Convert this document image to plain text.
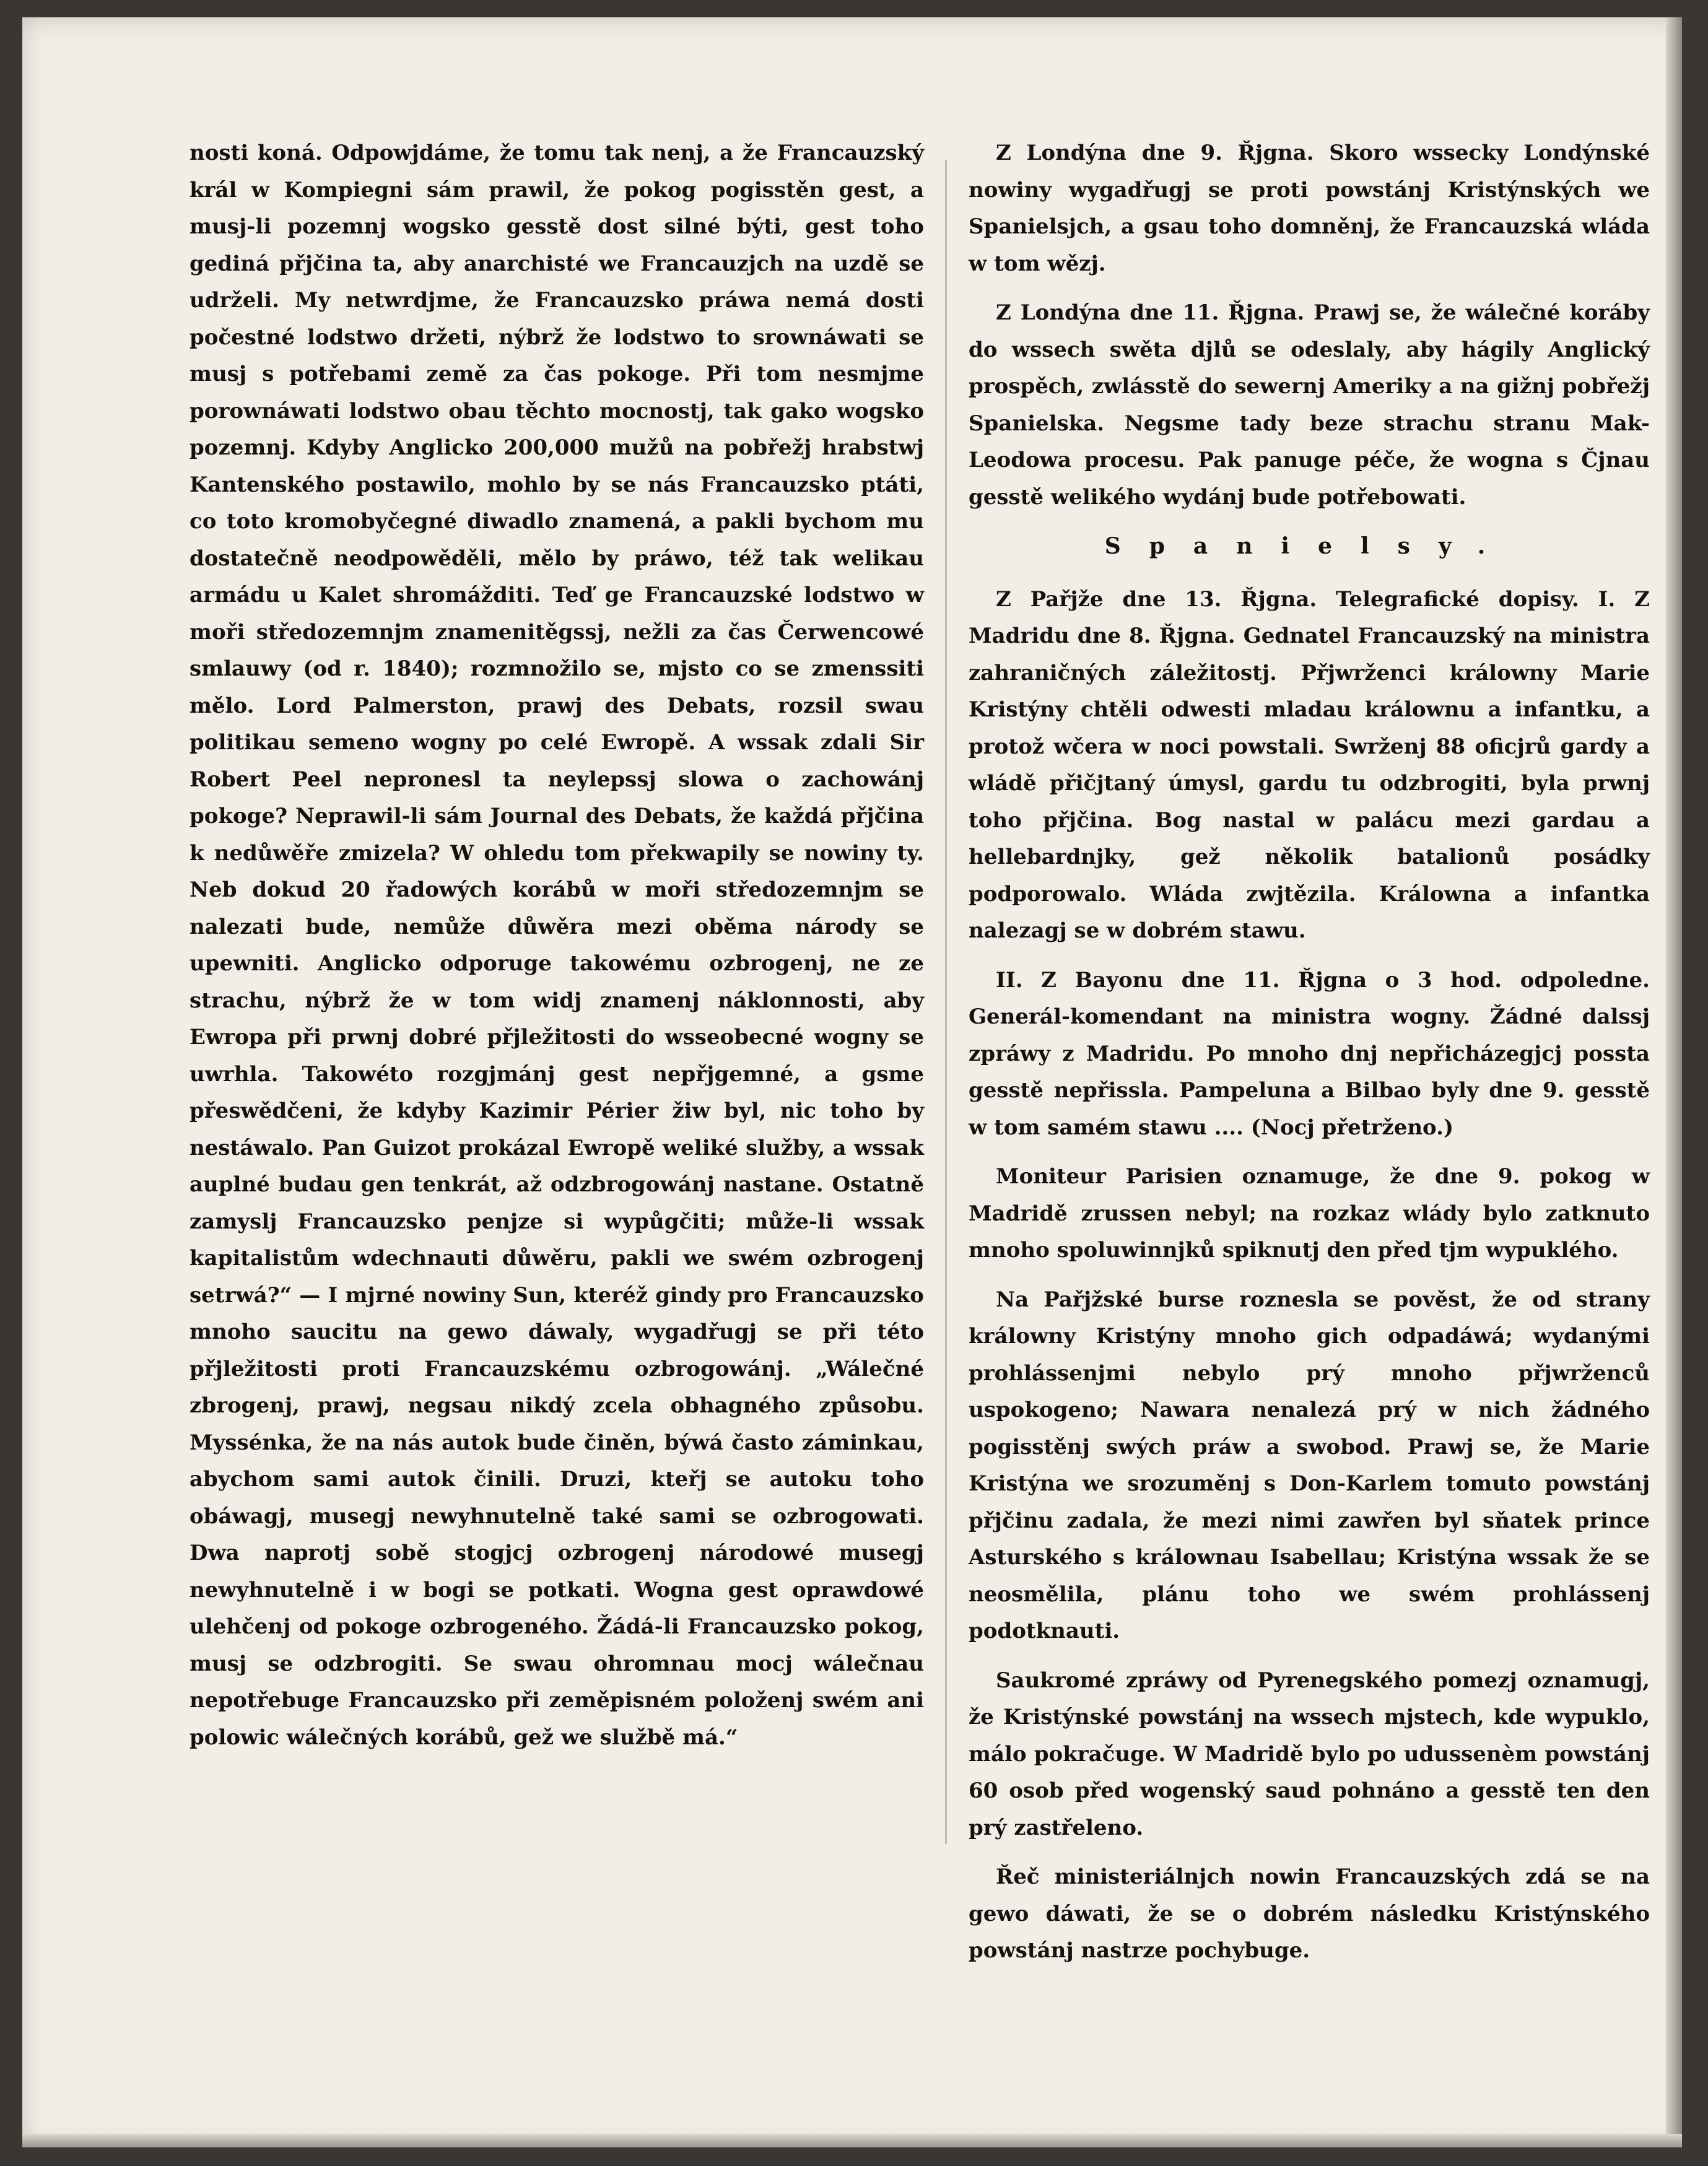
nosti koná. Odpowjdáme, že tomu tak nenj, a že Francauzský král w Kompiegni sám prawil, že pokog pogisstěn gest, a musj-li pozemnj wogsko gesstě dost silné býti, gest toho gediná přjčina ta, aby anarchisté we Francauzjch na uzdě se udrželi. My netwrdjme, že Francauzsko práwa nemá dosti počestné lodstwo držeti, nýbrž že lodstwo to srownáwati se musj s potřebami země za čas pokoge. Při tom nesmjme porownáwati lodstwo obau těchto mocnostj, tak gako wogsko pozemnj. Kdyby Anglicko 200,000 mužů na pobřežj hrabstwj Kantenského postawilo, mohlo by se nás Francauzsko ptáti, co toto kromobyčegné diwadlo znamená, a pakli bychom mu dostatečně neodpowěděli, mělo by práwo, též tak welikau armádu u Kalet shromážditi. Teď ge Francauzské lodstwo w moři středozemnjm znamenitěgssj, nežli za čas Čerwencowé smlauwy (od r. 1840); rozmnožilo se, mjsto co se zmenssiti mělo. Lord Palmerston, prawj des Debats, rozsil swau politikau semeno wogny po celé Ewropě. A wssak zdali Sir Robert Peel nepronesl ta neylepssj slowa o zachowánj pokoge? Neprawil-li sám Journal des Debats, že každá přjčina k nedůwěře zmizela? W ohledu tom překwapily se nowiny ty. Neb dokud 20 řadowých korábů w moři středozemnjm se nalezati bude, nemůže důwěra mezi oběma národy se upewniti. Anglicko odporuge takowému ozbrogenj, ne ze strachu, nýbrž že w tom widj znamenj náklonnosti, aby Ewropa při prwnj dobré přjležitosti do wsseobecné wogny se uwrhla. Takowéto rozgjmánj gest nepřjgemné, a gsme přeswědčeni, že kdyby Kazimir Périer žiw byl, nic toho by nestáwalo. Pan Guizot prokázal Ewropě weliké služby, a wssak auplné budau gen tenkrát, až odzbrogowánj nastane. Ostatně zamyslj Francauzsko penjze si wypůgčiti; může-li wssak kapitalistům wdechnauti důwěru, pakli we swém ozbrogenj setrwá?“ — I mjrné nowiny Sun, kteréž gindy pro Francauzsko mnoho saucitu na gewo dáwaly, wygadřugj se při této přjležitosti proti Francauzskému ozbrogowánj. „Wálečné zbrogenj, prawj, negsau nikdý zcela obhagného způsobu. Myssénka, že na nás autok bude činěn, býwá často záminkau, abychom sami autok činili. Druzi, kteřj se autoku toho obáwagj, musegj newyhnutelně také sami se ozbrogowati. Dwa naprotj sobě stogjcj ozbrogenj národowé musegj newyhnutelně i w bogi se potkati. Wogna gest oprawdowé ulehčenj od pokoge ozbrogeného. Žádá-li Francauzsko pokog, musj se odzbrogiti. Se swau ohromnau mocj wálečnau nepotřebuge Francauzsko při zeměpisném položenj swém ani polowic wálečných korábů, gež we službě má.“

Z Londýna dne 9. Řjgna. Skoro wssecky Londýnské nowiny wygadřugj se proti powstánj Kristýnských we Spanielsjch, a gsau toho domněnj, že Francauzská wláda w tom wězj.

Z Londýna dne 11. Řjgna. Prawj se, že wálečné koráby do wssech swěta djlů se odeslaly, aby hágily Anglický prospěch, zwlásstě do sewernj Ameriky a na gižnj pobřežj Spanielska. Negsme tady beze strachu stranu Mak-Leodowa procesu. Pak panuge péče, že wogna s Čjnau gesstě welikého wydánj bude potřebowati.

Spanielsy.

Z Pařjže dne 13. Řjgna. Telegrafické dopisy. I. Z Madridu dne 8. Řjgna. Gednatel Francauzský na ministra zahraničných záležitostj. Přjwrženci králowny Marie Kristýny chtěli odwesti mladau králownu a infantku, a protož wčera w noci powstali. Swrženj 88 oficjrů gardy a wládě přičjtaný úmysl, gardu tu odzbrogiti, byla prwnj toho přjčina. Bog nastal w palácu mezi gardau a hellebardnjky, gež několik batalionů posádky podporowalo. Wláda zwjtězila. Králowna a infantka nalezagj se w dobrém stawu.

II. Z Bayonu dne 11. Řjgna o 3 hod. odpoledne. Generál-komendant na ministra wogny. Žádné dalssj zpráwy z Madridu. Po mnoho dnj nepřicházegjcj possta gesstě nepřissla. Pampeluna a Bilbao byly dne 9. gesstě w tom samém stawu .... (Nocj přetrženo.)

Moniteur Parisien oznamuge, že dne 9. pokog w Madridě zrussen nebyl; na rozkaz wlády bylo zatknuto mnoho spoluwinnjků spiknutj den před tjm wypuklého.

Na Pařjžské burse roznesla se pověst, že od strany králowny Kristýny mnoho gich odpadáwá; wydanými prohlássenjmi nebylo prý mnoho přjwrženců uspokogeno; Nawara nenalezá prý w nich žádného pogisstěnj swých práw a swobod. Prawj se, že Marie Kristýna we srozuměnj s Don-Karlem tomuto powstánj přjčinu zadala, že mezi nimi zawřen byl sňatek prince Asturského s králownau Isabellau; Kristýna wssak že se neosmělila, plánu toho we swém prohlássenj podotknauti.

Saukromé zpráwy od Pyrenegského pomezj oznamugj, že Kristýnské powstánj na wssech mjstech, kde wypuklo, málo pokračuge. W Madridě bylo po udussenèm powstánj 60 osob před wogenský saud pohnáno a gesstě ten den prý zastřeleno.

Řeč ministeriálnjch nowin Francauzských zdá se na gewo dáwati, že se o dobrém následku Kristýnského powstánj nastrze pochybuge.
